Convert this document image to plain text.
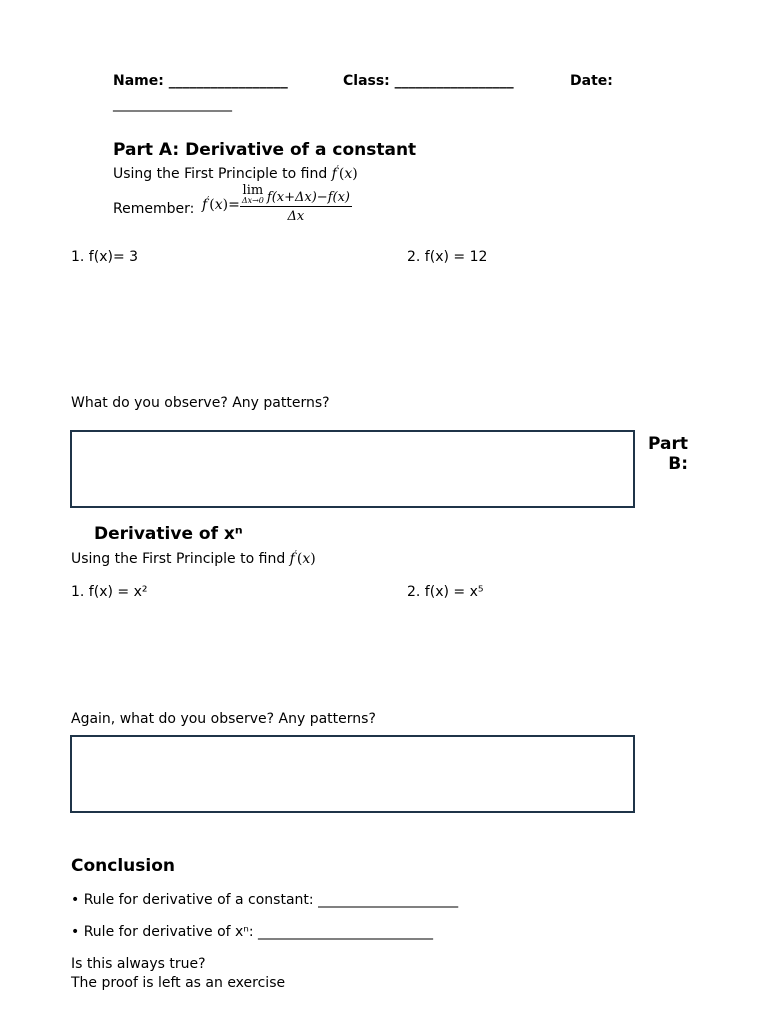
Name: _________________	Class: _________________	Date:
_________________
Part A: Derivative of a constant
Using the First Principle to find f′(x)
Remember: f′(x)= lim
Δx→0 f(x+Δx)−f(x)
Δx
1. f(x)= 3	2. f(x) = 12
What do you observe? Any patterns?
Part
B:
Derivative of xⁿ
Using the First Principle to find f′(x)
1. f(x) = x²	2. f(x) = x⁵
Again, what do you observe? Any patterns?
Conclusion
• Rule for derivative of a constant: ____________________
• Rule for derivative of xⁿ: _________________________
Is this always true?
The proof is left as an exercise
